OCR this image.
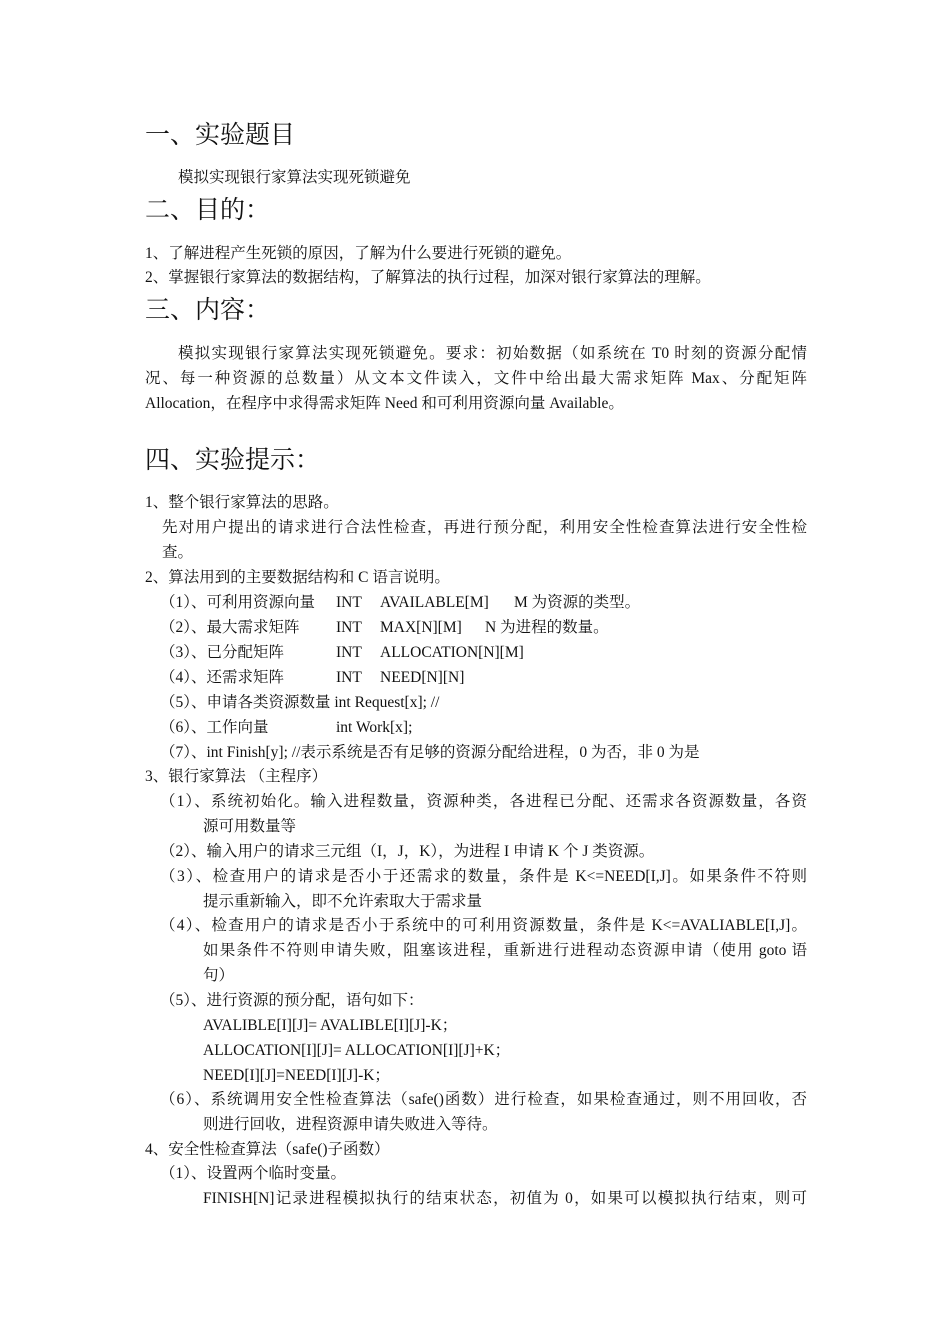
一、实验题目
模拟实现银行家算法实现死锁避免
二、目的：
1、了解进程产生死锁的原因，了解为什么要进行死锁的避免。
2、掌握银行家算法的数据结构，了解算法的执行过程，加深对银行家算法的理解。
三、内容：
模拟实现银行家算法实现死锁避免。要求：初始数据（如系统在 T0 时刻的资源分配情
况、每一种资源的总数量）从文本文件读入，文件中给出最大需求矩阵 Max、分配矩阵
Allocation，在程序中求得需求矩阵 Need 和可利用资源向量 Available。
四、实验提示：
1、整个银行家算法的思路。
先对用户提出的请求进行合法性检查，再进行预分配，利用安全性检查算法进行安全性检
查。
2、算法用到的主要数据结构和 C 语言说明。
（1）、可利用资源向量 INT AVAILABLE[M] M 为资源的类型。
（2）、最大需求矩阵 INT MAX[N][M] N 为进程的数量。
（3）、已分配矩阵	INT ALLOCATION[N][M]
（4）、还需求矩阵	INT NEED[N][N]
（5）、申请各类资源数量 int Request[x]; //
（6）、工作向量	int Work[x];
（7）、int Finish[y]; //表示系统是否有足够的资源分配给进程，0 为否，非 0 为是
3、银行家算法 （主程序）
（1）、系统初始化。输入进程数量，资源种类，各进程已分配、还需求各资源数量，各资
源可用数量等
（2）、输入用户的请求三元组（I，J，K），为进程 I 申请 K 个 J 类资源。
（3）、检查用户的请求是否小于还需求的数量，条件是 K<=NEED[I,J]。如果条件不符则
提示重新输入，即不允许索取大于需求量
（4）、检查用户的请求是否小于系统中的可利用资源数量，条件是 K<=AVALIABLE[I,J]。
如果条件不符则申请失败，阻塞该进程，重新进行进程动态资源申请（使用 goto 语
句）
（5）、进行资源的预分配，语句如下：
AVALIBLE[I][J]= AVALIBLE[I][J]-K；
ALLOCATION[I][J]= ALLOCATION[I][J]+K；
NEED[I][J]=NEED[I][J]-K；
（6）、系统调用安全性检查算法（safe()函数）进行检查，如果检查通过，则不用回收，否
则进行回收，进程资源申请失败进入等待。
4、安全性检查算法（safe()子函数）
（1）、设置两个临时变量。
FINISH[N]记录进程模拟执行的结束状态，初值为 0，如果可以模拟执行结束，则可
